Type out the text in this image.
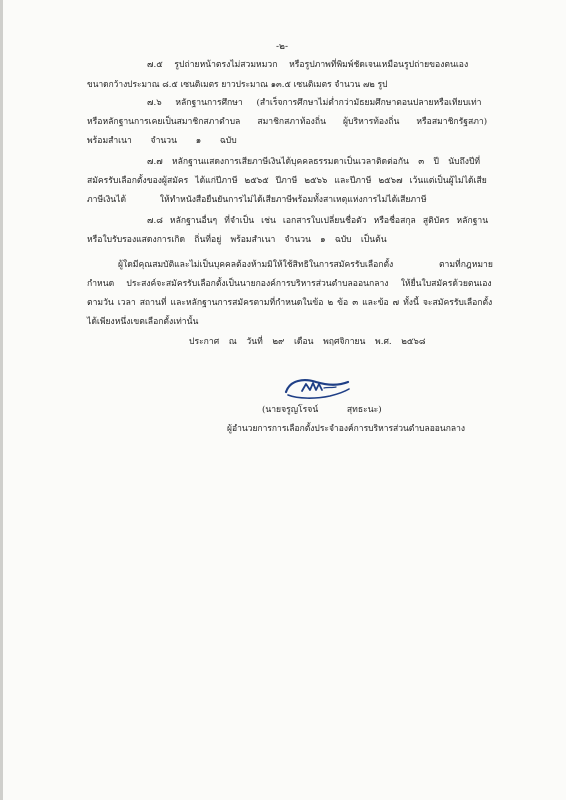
-๒-
๗.๕ รูปถ่ายหน้าตรงไม่สวมหมวก หรือรูปภาพที่พิมพ์ชัดเจนเหมือนรูปถ่ายของตนเอง
ขนาดกว้างประมาณ ๘.๕ เซนติเมตร ยาวประมาณ ๑๓.๕ เซนติเมตร จำนวน ๗๒ รูป
๗.๖ หลักฐานการศึกษา (สำเร็จการศึกษาไม่ต่ำกว่ามัธยมศึกษาตอนปลายหรือเทียบเท่า
หรือหลักฐานการเคยเป็นสมาชิกสภาตำบล สมาชิกสภาท้องถิ่น ผู้บริหารท้องถิ่น หรือสมาชิกรัฐสภา)
พร้อมสำเนา จำนวน ๑ ฉบับ
๗.๗ หลักฐานแสดงการเสียภาษีเงินได้บุคคลธรรมดาเป็นเวลาติดต่อกัน ๓ ปี นับถึงปีที่
สมัครรับเลือกตั้งของผู้สมัคร ได้แก่ปีภาษี ๒๕๖๕ ปีภาษี ๒๕๖๖ และปีภาษี ๒๕๖๗ เว้นแต่เป็นผู้ไม่ได้เสีย
ภาษีเงินได้ ให้ทำหนังสือยืนยันการไม่ได้เสียภาษีพร้อมทั้งสาเหตุแห่งการไม่ได้เสียภาษี
๗.๘ หลักฐานอื่นๆ ที่จำเป็น เช่น เอกสารใบเปลี่ยนชื่อตัว หรือชื่อสกุล สูติบัตร หลักฐาน
หรือใบรับรองแสดงการเกิด ถิ่นที่อยู่ พร้อมสำเนา จำนวน ๑ ฉบับ เป็นต้น
ผู้ใดมีคุณสมบัติและไม่เป็นบุคคลต้องห้ามมิให้ใช้สิทธิในการสมัครรับเลือกตั้ง ตามที่กฎหมาย
กำหนด ประสงค์จะสมัครรับเลือกตั้งเป็นนายกองค์การบริหารส่วนตำบลออนกลาง ให้ยื่นใบสมัครด้วยตนเอง
ตามวัน เวลา สถานที่ และหลักฐานการสมัครตามที่กำหนดในข้อ ๒ ข้อ ๓ และข้อ ๗ ทั้งนี้ จะสมัครรับเลือกตั้ง
ได้เพียงหนึ่งเขตเลือกตั้งเท่านั้น
ประกาศ ณ วันที่ ๒๙ เดือน พฤศจิกายน พ.ศ. ๒๕๖๘
(นายจรูญโรจน์ สุทธะนะ)
ผู้อำนวยการการเลือกตั้งประจำองค์การบริหารส่วนตำบลออนกลาง
